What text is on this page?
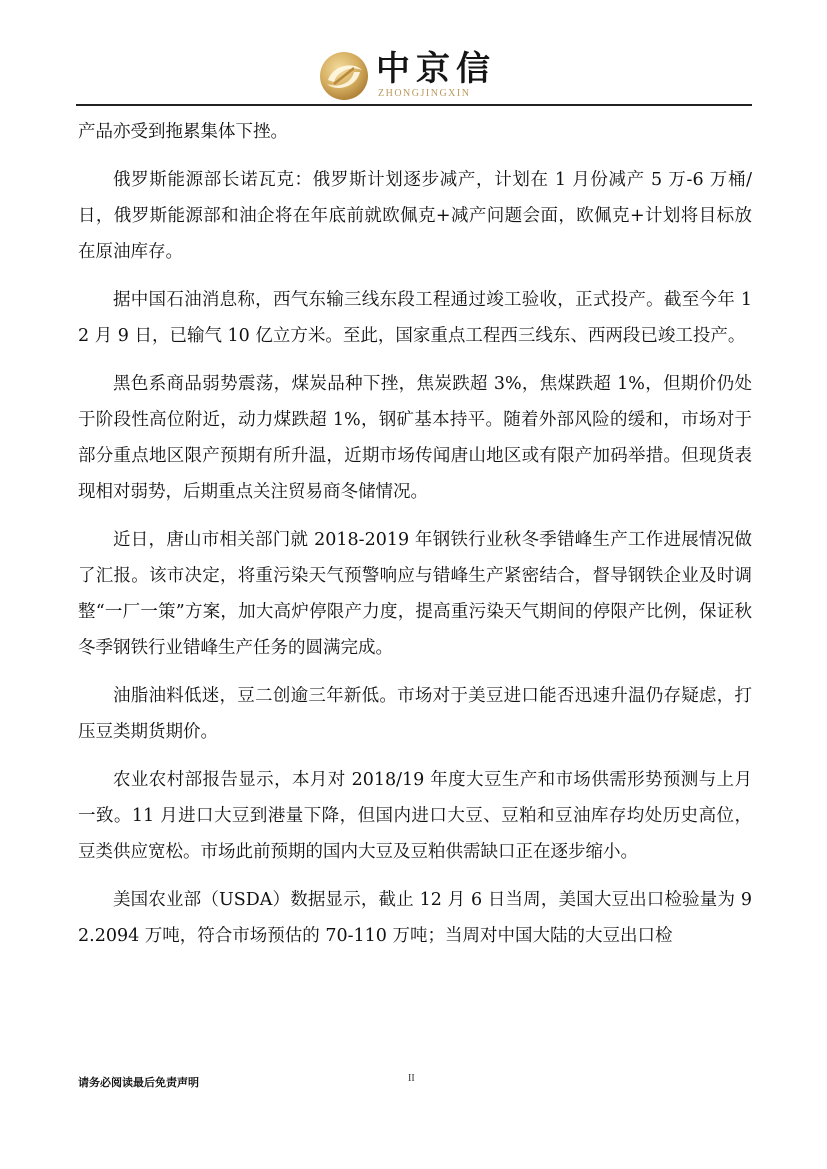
中京信
ZHONGJINGXIN

产品亦受到拖累集体下挫。

俄罗斯能源部长诺瓦克：俄罗斯计划逐步减产，计划在 1 月份减产 5 万-6 万桶/日，俄罗斯能源部和油企将在年底前就欧佩克+减产问题会面，欧佩克+计划将目标放在原油库存。

据中国石油消息称，西气东输三线东段工程通过竣工验收，正式投产。截至今年 12 月 9 日，已输气 10 亿立方米。至此，国家重点工程西三线东、西两段已竣工投产。

黑色系商品弱势震荡，煤炭品种下挫，焦炭跌超 3%，焦煤跌超 1%，但期价仍处于阶段性高位附近，动力煤跌超 1%，钢矿基本持平。随着外部风险的缓和，市场对于部分重点地区限产预期有所升温，近期市场传闻唐山地区或有限产加码举措。但现货表现相对弱势，后期重点关注贸易商冬储情况。

近日，唐山市相关部门就 2018-2019 年钢铁行业秋冬季错峰生产工作进展情况做了汇报。该市决定，将重污染天气预警响应与错峰生产紧密结合，督导钢铁企业及时调整“一厂一策”方案，加大高炉停限产力度，提高重污染天气期间的停限产比例，保证秋冬季钢铁行业错峰生产任务的圆满完成。

油脂油料低迷，豆二创逾三年新低。市场对于美豆进口能否迅速升温仍存疑虑，打压豆类期货期价。

农业农村部报告显示，本月对 2018/19 年度大豆生产和市场供需形势预测与上月一致。11 月进口大豆到港量下降，但国内进口大豆、豆粕和豆油库存均处历史高位，豆类供应宽松。市场此前预期的国内大豆及豆粕供需缺口正在逐步缩小。

美国农业部（USDA）数据显示，截止 12 月 6 日当周，美国大豆出口检验量为 92.2094 万吨，符合市场预估的 70-110 万吨；当周对中国大陆的大豆出口检

请务必阅读最后免责声明	II
